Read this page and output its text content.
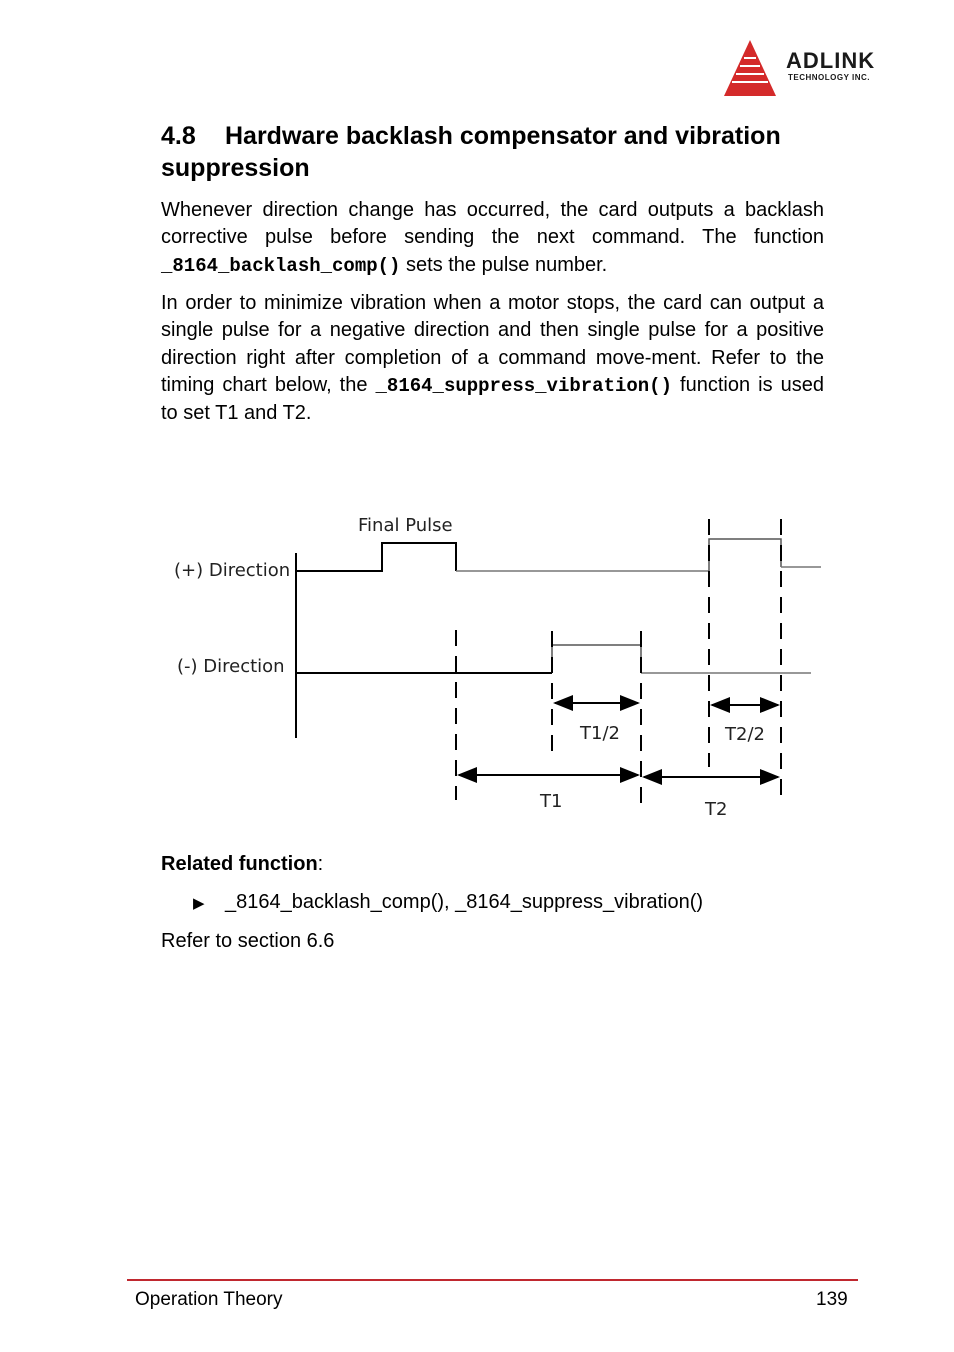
ADLINK
TECHNOLOGY INC.
4.8 Hardware backlash compensator and vibration suppression
Whenever direction change has occurred, the card outputs a backlash corrective pulse before sending the next command. The function _8164_backlash_comp() sets the pulse number.
In order to minimize vibration when a motor stops, the card can output a single pulse for a negative direction and then single pulse for a positive direction right after completion of a command move-ment. Refer to the timing chart below, the _8164_suppress_vibration() function is used to set T1 and T2.
Final Pulse
(+) Direction
(-) Direction
T1/2	T2/2
T1	T2
Related function:
▶ _8164_backlash_comp(), _8164_suppress_vibration()
Refer to section 6.6
Operation Theory	139
